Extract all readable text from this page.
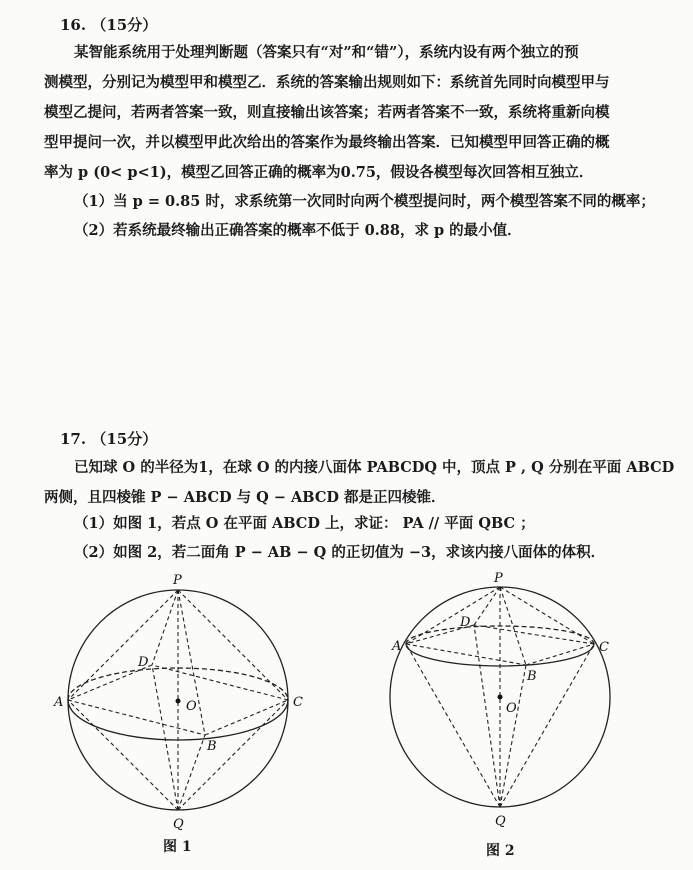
16. （15分）
某智能系统用于处理判断题（答案只有“对”和“错”），系统内设有两个独立的预
测模型，分别记为模型甲和模型乙．系统的答案输出规则如下：系统首先同时向模型甲与
模型乙提问，若两者答案一致，则直接输出该答案；若两者答案不一致，系统将重新向模
型甲提问一次，并以模型甲此次给出的答案作为最终输出答案．已知模型甲回答正确的概
率为 p (0< p<1)，模型乙回答正确的概率为0.75，假设各模型每次回答相互独立．
（1）当 p = 0.85 时，求系统第一次同时向两个模型提问时，两个模型答案不同的概率；
（2）若系统最终输出正确答案的概率不低于 0.88，求 p 的最小值．
17. （15分）
已知球 O 的半径为1，在球 O 的内接八面体 PABCDQ 中，顶点 P , Q 分别在平面 ABCD
两侧，且四棱锥 P − ABCD 与 Q − ABCD 都是正四棱锥．
（1）如图 1，若点 O 在平面 ABCD 上，求证： PA // 平面 QBC ；
（2）如图 2，若二面角 P − AB − Q 的正切值为 −3，求该内接八面体的体积．
P
A
B
C
D
O
Q
图 1
P
A
B
C
D
O
Q
图 2
